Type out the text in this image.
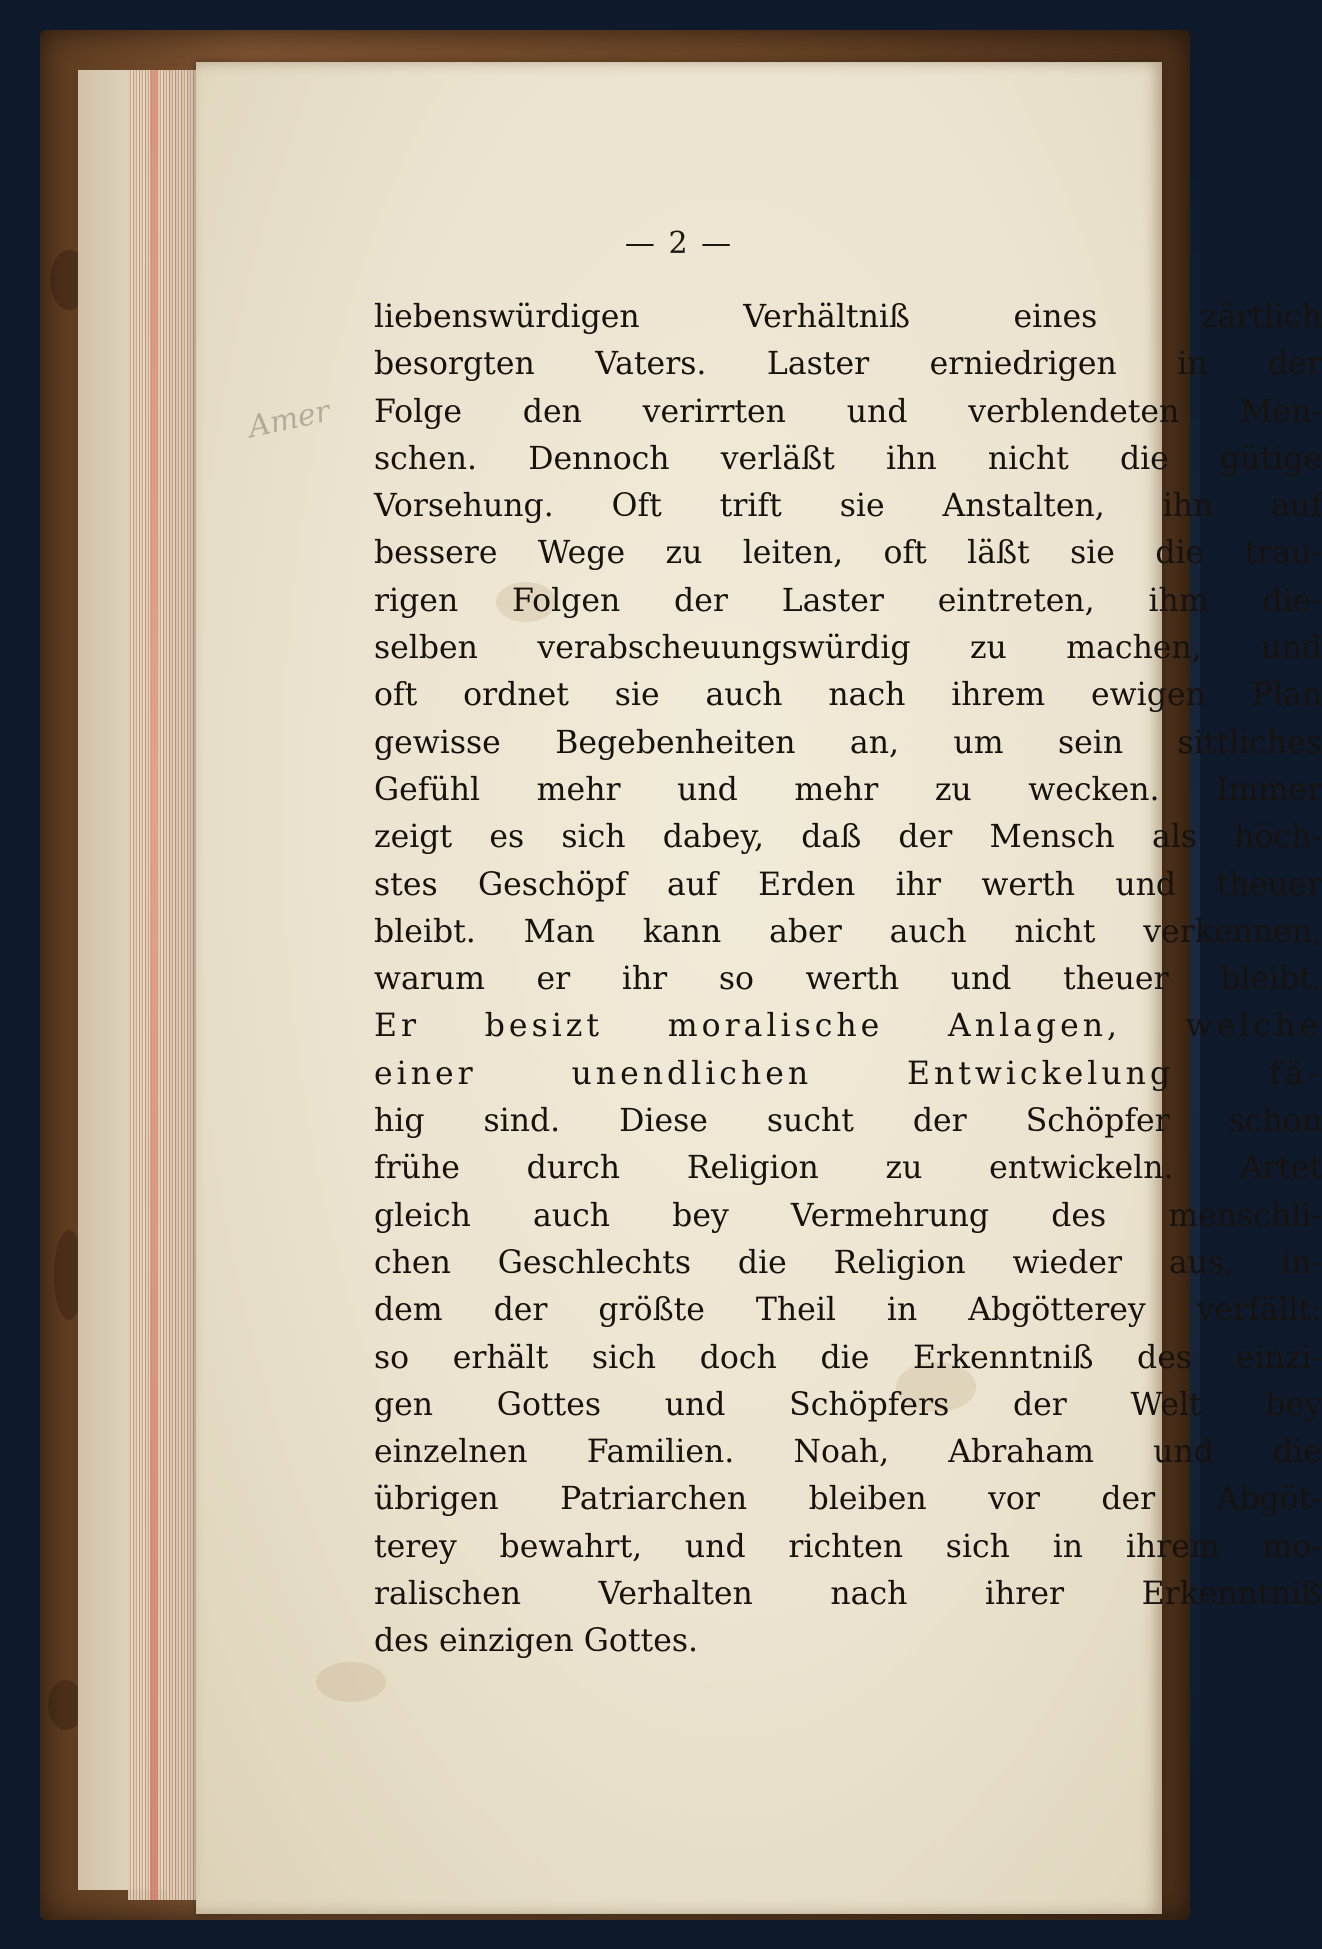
— 2 —
Amer
liebenswürdigen Verhältniß eines zärtlich
besorgten Vaters. Laster erniedrigen in der
Folge den verirrten und verblendeten Men-
schen. Dennoch verläßt ihn nicht die gütige
Vorsehung. Oft trift sie Anstalten, ihn auf
bessere Wege zu leiten, oft läßt sie die trau-
rigen Folgen der Laster eintreten, ihm die-
selben verabscheuungswürdig zu machen, und
oft ordnet sie auch nach ihrem ewigen Plan
gewisse Begebenheiten an, um sein sittliches
Gefühl mehr und mehr zu wecken. Immer
zeigt es sich dabey, daß der Mensch als höch-
stes Geschöpf auf Erden ihr werth und theuer
bleibt. Man kann aber auch nicht verkennen,
warum er ihr so werth und theuer bleibt.
Er besizt moralische Anlagen, welche
einer unendlichen Entwickelung fä-
hig sind. Diese sucht der Schöpfer schon
frühe durch Religion zu entwickeln. Artet
gleich auch bey Vermehrung des menschli-
chen Geschlechts die Religion wieder aus, in-
dem der größte Theil in Abgötterey verfällt:
so erhält sich doch die Erkenntniß des einzi-
gen Gottes und Schöpfers der Welt bey
einzelnen Familien. Noah, Abraham und die
übrigen Patriarchen bleiben vor der Abgöt-
terey bewahrt, und richten sich in ihrem mo-
ralischen Verhalten nach ihrer Erkenntniß
des einzigen Gottes.
